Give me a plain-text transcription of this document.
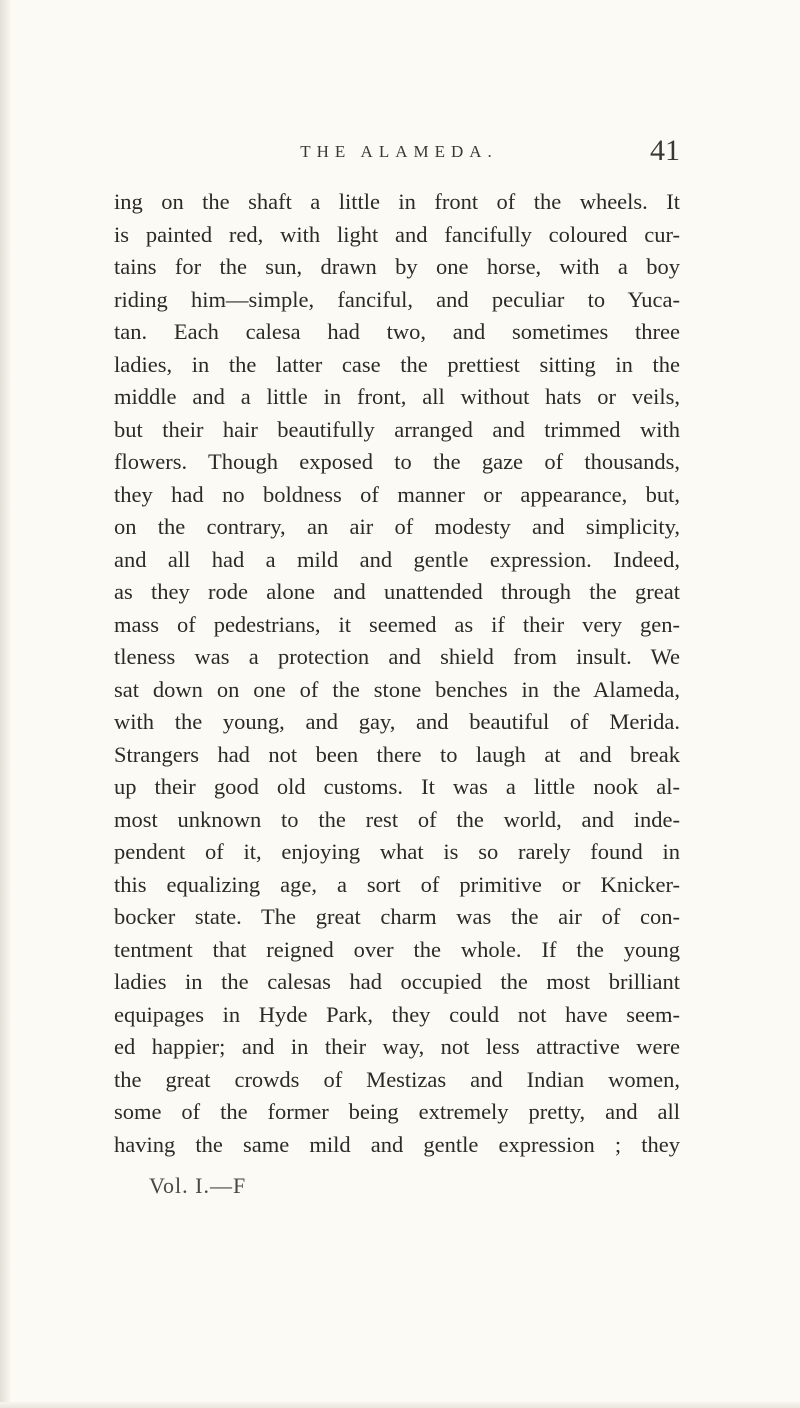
THE ALAMEDA.	41
ing on the shaft a little in front of the wheels. It
is painted red, with light and fancifully coloured cur-
tains for the sun, drawn by one horse, with a boy
riding him—simple, fanciful, and peculiar to Yuca-
tan. Each calesa had two, and sometimes three
ladies, in the latter case the prettiest sitting in the
middle and a little in front, all without hats or veils,
but their hair beautifully arranged and trimmed with
flowers. Though exposed to the gaze of thousands,
they had no boldness of manner or appearance, but,
on the contrary, an air of modesty and simplicity,
and all had a mild and gentle expression. Indeed,
as they rode alone and unattended through the great
mass of pedestrians, it seemed as if their very gen-
tleness was a protection and shield from insult. We
sat down on one of the stone benches in the Alameda,
with the young, and gay, and beautiful of Merida.
Strangers had not been there to laugh at and break
up their good old customs. It was a little nook al-
most unknown to the rest of the world, and inde-
pendent of it, enjoying what is so rarely found in
this equalizing age, a sort of primitive or Knicker-
bocker state. The great charm was the air of con-
tentment that reigned over the whole. If the young
ladies in the calesas had occupied the most brilliant
equipages in Hyde Park, they could not have seem-
ed happier; and in their way, not less attractive were
the great crowds of Mestizas and Indian women,
some of the former being extremely pretty, and all
having the same mild and gentle expression ; they
Vol. I.—F
